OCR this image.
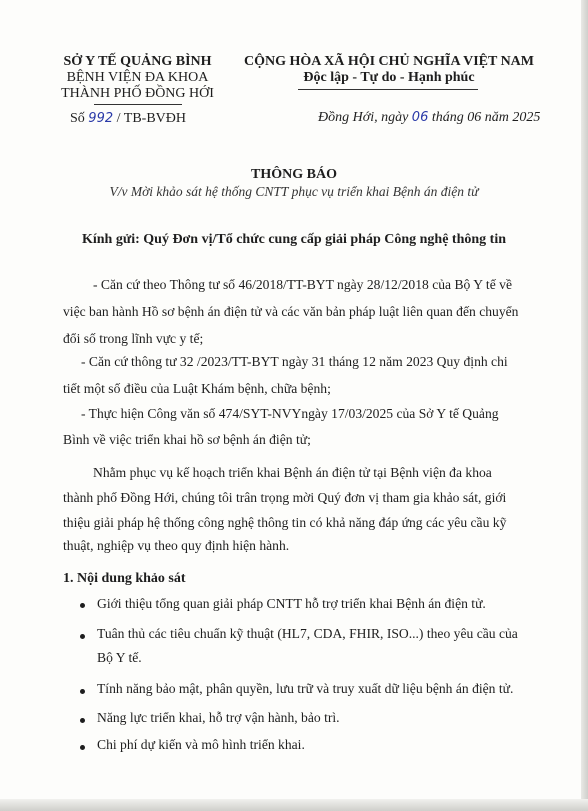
SỞ Y TẾ QUẢNG BÌNH
BỆNH VIỆN ĐA KHOA
THÀNH PHỐ ĐỒNG HỚI
Số 992 / TB-BVĐH
CỘNG HÒA XÃ HỘI CHỦ NGHĨA VIỆT NAM
Độc lập - Tự do - Hạnh phúc
Đồng Hới, ngày 06 tháng 06 năm 2025
THÔNG BÁO
V/v Mời khảo sát hệ thống CNTT phục vụ triển khai Bệnh án điện tử
Kính gửi: Quý Đơn vị/Tổ chức cung cấp giải pháp Công nghệ thông tin
- Căn cứ theo Thông tư số 46/2018/TT-BYT ngày 28/12/2018 của Bộ Y tế về
việc ban hành Hồ sơ bệnh án điện tử và các văn bản pháp luật liên quan đến chuyển
đổi số trong lĩnh vực y tế;
- Căn cứ thông tư 32 /2023/TT-BYT ngày 31 tháng 12 năm 2023 Quy định chi
tiết một số điều của Luật Khám bệnh, chữa bệnh;
- Thực hiện Công văn số 474/SYT-NVYngày 17/03/2025 của Sở Y tế Quảng
Bình về việc triển khai hồ sơ bệnh án điện tử;
Nhằm phục vụ kế hoạch triển khai Bệnh án điện tử tại Bệnh viện đa khoa
thành phố Đồng Hới, chúng tôi trân trọng mời Quý đơn vị tham gia khảo sát, giới
thiệu giải pháp hệ thống công nghệ thông tin có khả năng đáp ứng các yêu cầu kỹ
thuật, nghiệp vụ theo quy định hiện hành.
1. Nội dung khảo sát
Giới thiệu tổng quan giải pháp CNTT hỗ trợ triển khai Bệnh án điện tử.
Tuân thủ các tiêu chuẩn kỹ thuật (HL7, CDA, FHIR, ISO...) theo yêu cầu của
Bộ Y tế.
Tính năng bảo mật, phân quyền, lưu trữ và truy xuất dữ liệu bệnh án điện tử.
Năng lực triển khai, hỗ trợ vận hành, bảo trì.
Chi phí dự kiến và mô hình triển khai.
